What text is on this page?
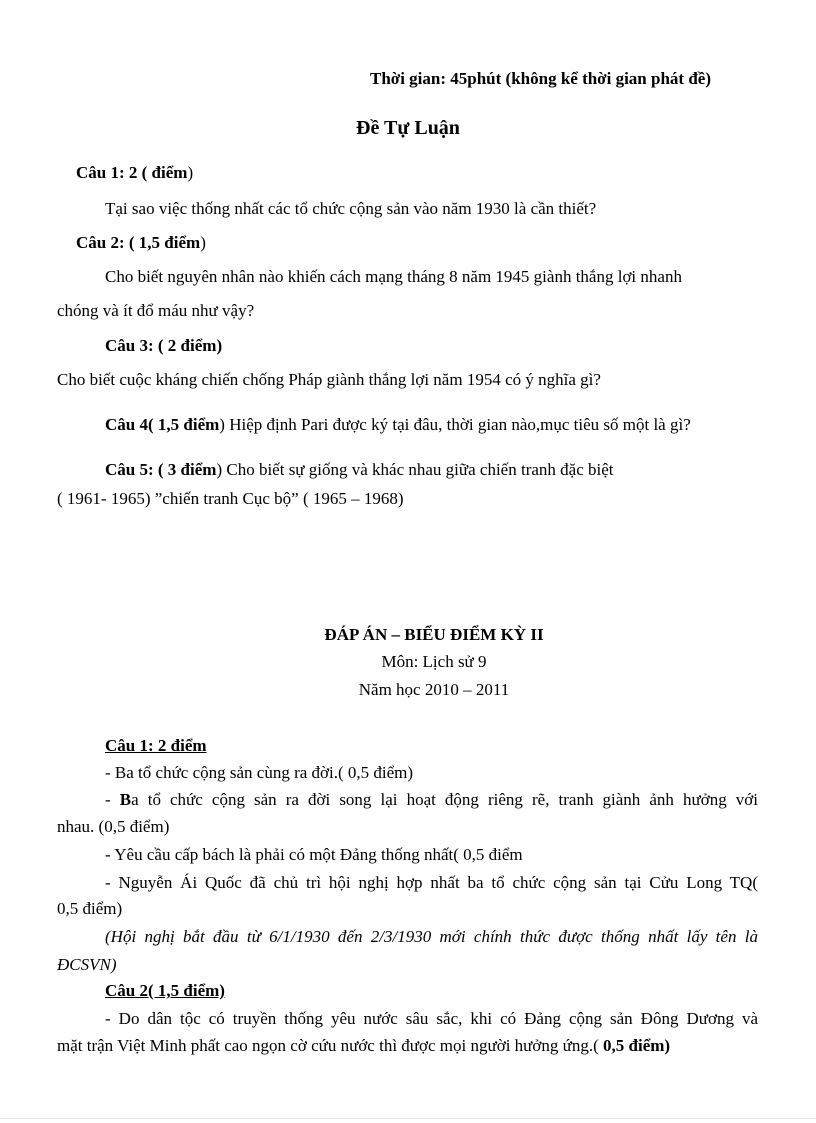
Thời gian: 45phút (không kể thời gian phát đề)
Đề Tự Luận
Câu 1: 2 ( điểm)
Tại sao việc thống nhất các tổ chức cộng sản vào năm 1930 là cần thiết?
Câu 2: ( 1,5 điểm)
Cho biết nguyên nhân nào khiến cách mạng tháng 8 năm 1945 giành thắng lợi nhanh
chóng và ít đổ máu như vậy?
Câu 3: ( 2 điểm)
Cho biết cuộc kháng chiến chống Pháp giành thắng lợi năm 1954 có ý nghĩa gì?
Câu 4( 1,5 điểm) Hiệp định Pari được ký tại đâu, thời gian nào,mục tiêu số một là gì?
Câu 5: ( 3 điểm) Cho biết sự giống và khác nhau giữa chiến tranh đặc biệt
( 1961- 1965) ”chiến tranh Cục bộ” ( 1965 – 1968)
ĐÁP ÁN – BIỂU ĐIỂM KỲ II
Môn: Lịch sử 9
Năm học 2010 – 2011
Câu 1: 2 điểm
- Ba tổ chức cộng sản cùng ra đời.( 0,5 điểm)
- Ba tổ chức cộng sản ra đời song lại hoạt động riêng rẽ, tranh giành ảnh hưởng với
nhau. (0,5 điểm)
- Yêu cầu cấp bách là phải có một Đảng thống nhất( 0,5 điểm
- Nguyễn Ái Quốc đã chủ trì hội nghị hợp nhất ba tổ chức cộng sản tại Cửu Long TQ(
0,5 điểm)
(Hội nghị bắt đầu từ 6/1/1930 đến 2/3/1930 mới chính thức được thống nhất lấy tên là
ĐCSVN)
Câu 2( 1,5 điểm)
- Do dân tộc có truyền thống yêu nước sâu sắc, khi có Đảng cộng sản Đông Dương và
mặt trận Việt Minh phất cao ngọn cờ cứu nước thì được mọi người hưởng ứng.( 0,5 điểm)
